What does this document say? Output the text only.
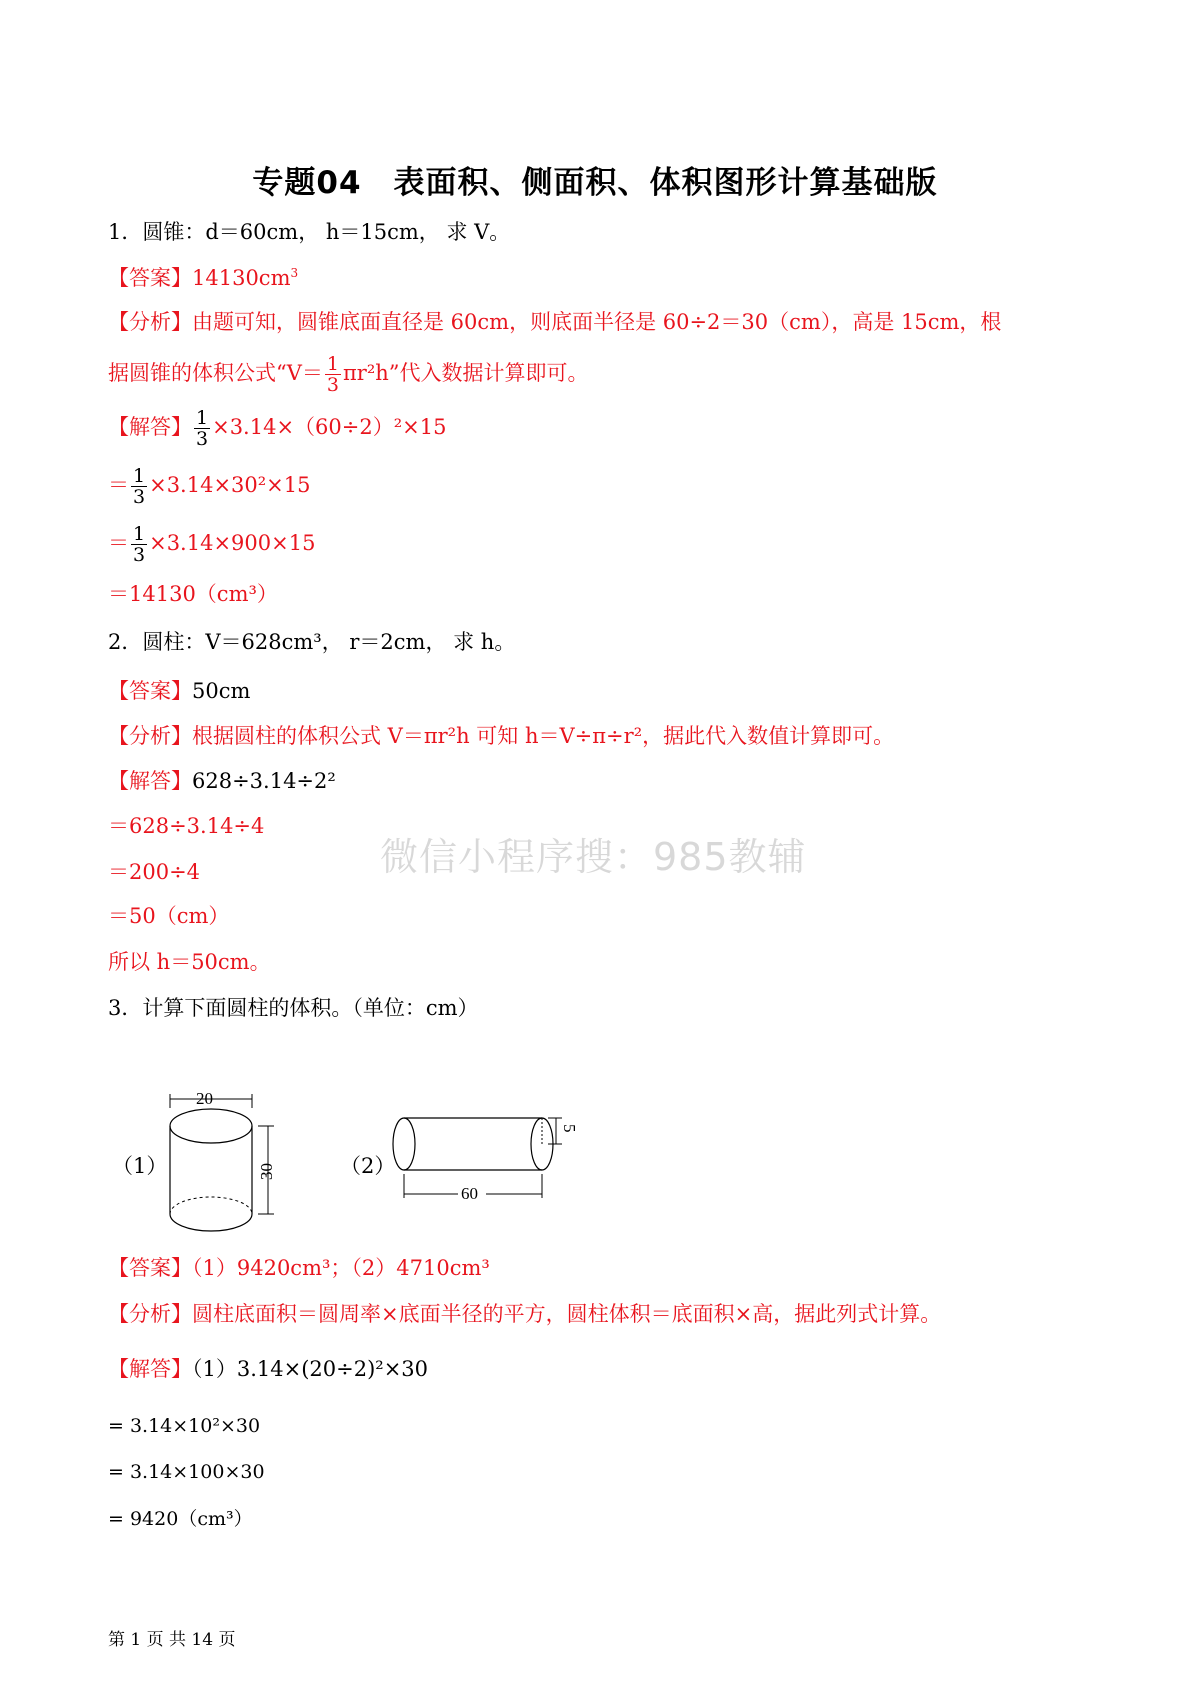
专题04　表面积、侧面积、体积图形计算基础版
1．圆锥：d＝60cm， h＝15cm， 求 V。
【答案】$14130cm^3$
【分析】由题可知，圆锥底面直径是 60cm，则底面半径是 60÷2＝30（cm），高是 15cm，根
据圆锥的体积公式“$V= \frac{1}{3} \pi r^2h$”代入数据计算即可。
【解答】 $\frac{1}{3} \times 3.14\times(60\div 2)^2\times 15$
＝ $\frac{1}{3} \times 3.14\times 30^2\times 15$
＝ $\frac{1}{3} \times 3.14\times 900\times 15$
＝14130（cm³）
2．圆柱：V＝628cm³， r＝2cm， 求 h。
【答案】50cm
【分析】根据圆柱的体积公式 V＝πr²h 可知 h＝V÷π÷r²，据此代入数值计算即可。
【解答】628÷3.14÷2²
＝628÷3.14÷4
＝200÷4
＝50（cm）
所以 h＝50cm。
微信小程序搜：985教辅
3．计算下面圆柱的体积。（单位：cm）
（1）	（2）
20
30
60
5
【答案】（1）9420cm³；（2）4710cm³
【分析】圆柱底面积＝圆周率×底面半径的平方，圆柱体积＝底面积×高，据此列式计算。
【解答】（1）3.14×(20÷2)²×30
= 3.14×10²×30
= 3.14×100×30
= 9420（cm³）
第 1 页 共 14 页
